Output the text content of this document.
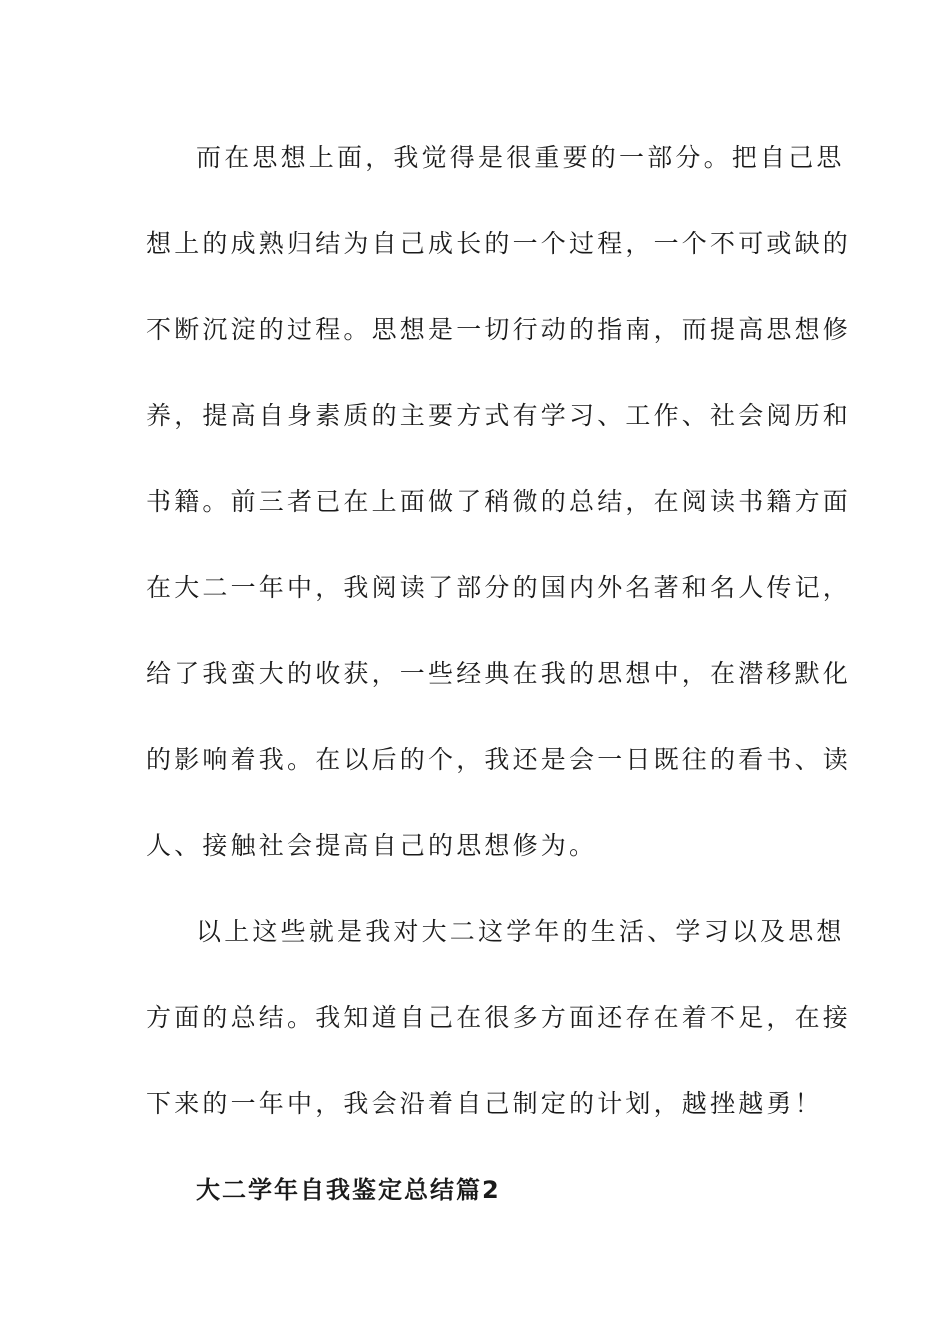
而在思想上面，我觉得是很重要的一部分。把自己思
想上的成熟归结为自己成长的一个过程，一个不可或缺的
不断沉淀的过程。思想是一切行动的指南，而提高思想修
养，提高自身素质的主要方式有学习、工作、社会阅历和
书籍。前三者已在上面做了稍微的总结，在阅读书籍方面
在大二一年中，我阅读了部分的国内外名著和名人传记，
给了我蛮大的收获，一些经典在我的思想中，在潜移默化
的影响着我。在以后的个，我还是会一日既往的看书、读
人、接触社会提高自己的思想修为。
以上这些就是我对大二这学年的生活、学习以及思想
方面的总结。我知道自己在很多方面还存在着不足，在接
下来的一年中，我会沿着自己制定的计划，越挫越勇！
大二学年自我鉴定总结篇2
